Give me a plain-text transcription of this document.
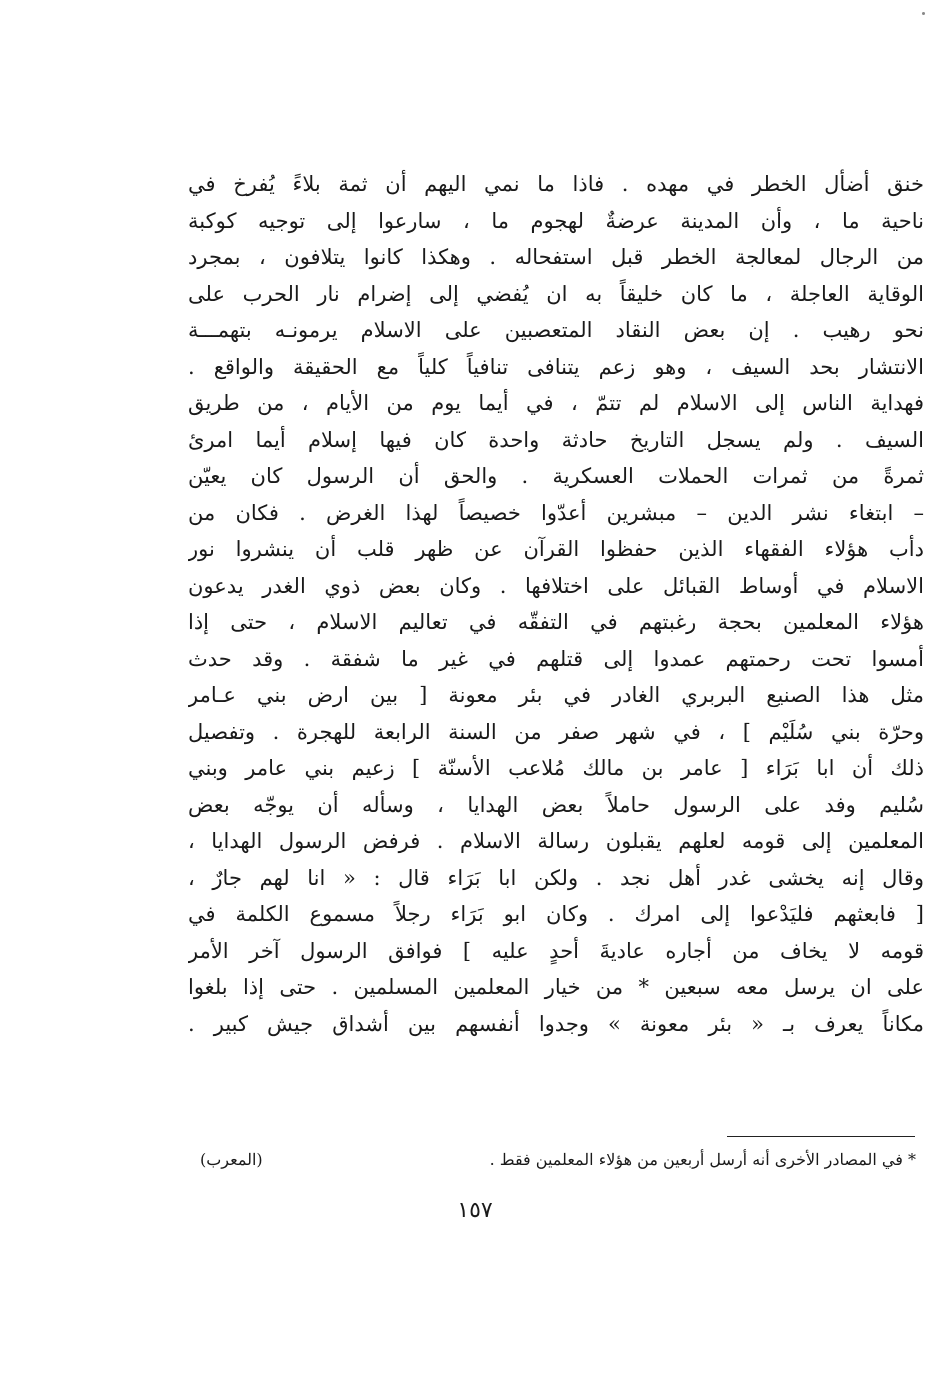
خنق أضأل الخطر في مهده . فاذا ما نمي اليهم أن ثمة بلاءً يُفرخ في
ناحية ما ، وأن المدينة عرضةٌ لهجوم ما ، سارعوا إلى توجيه كوكبة
من الرجال لمعالجة الخطر قبل استفحاله . وهكذا كانوا يتلافون ، بمجرد
الوقاية العاجلة ، ما كان خليقاً به ان يُفضي إلى إضرام نار الحرب على
نحو رهيب . إن بعض النقاد المتعصبين على الاسلام يرمونـه بتهمـــة
الانتشار بحد السيف ، وهو زعم يتنافى تنافياً كلياً مع الحقيقة والواقع .
فهداية الناس إلى الاسلام لم تتمّ ، في أيما يوم من الأيام ، من طريق
السيف . ولم يسجل التاريخ حادثة واحدة كان فيها إسلام أيما امرئ
ثمرةً من ثمرات الحملات العسكرية . والحق أن الرسول كان يعيّن
– ابتغاء نشر الدين – مبشرين أعدّوا خصيصاً لهذا الغرض . فكان من
دأب هؤلاء الفقهاء الذين حفظوا القرآن عن ظهر قلب أن ينشروا نور
الاسلام في أوساط القبائل على اختلافها . وكان بعض ذوي الغدر يدعون
هؤلاء المعلمين بحجة رغبتهم في التفقّه في تعاليم الاسلام ، حتى إذا
أمسوا تحت رحمتهم عمدوا إلى قتلهم في غير ما شفقة . وقد حدث
مثل هذا الصنيع البربري الغادر في بئر معونة [ بين ارض بني عـامر
وحرّة بني سُلَيْم ] ، في شهر صفر من السنة الرابعة للهجرة . وتفصيل
ذلك أن ابا بَرَاء [ عامر بن مالك مُلاعب الأسنّة ] زعيم بني عامر وبني
سُليم وفد على الرسول حاملاً بعض الهدايا ، وسأله أن يوجّه بعض
المعلمين إلى قومه لعلهم يقبلون رسالة الاسلام . فرفض الرسول الهدايا ،
وقال إنه يخشى غدر أهل نجد . ولكن ابا بَرَاء قال : « انا لهم جارٌ ،
[ فابعثهم فليَدْعوا إلى امرك . وكان ابو بَرَاء رجلاً مسموع الكلمة في
قومه لا يخاف من أجاره عاديةَ أحدٍ عليه ] فوافق الرسول آخر الأمر
على ان يرسل معه سبعين * من خيار المعلمين المسلمين . حتى إذا بلغوا
مكاناً يعرف بـ « بئر معونة » وجدوا أنفسهم بين أشداق جيش كبير .
* في المصادر الأخرى أنه أرسل أربعين من هؤلاء المعلمين فقط .
(المعرب)
١٥٧
